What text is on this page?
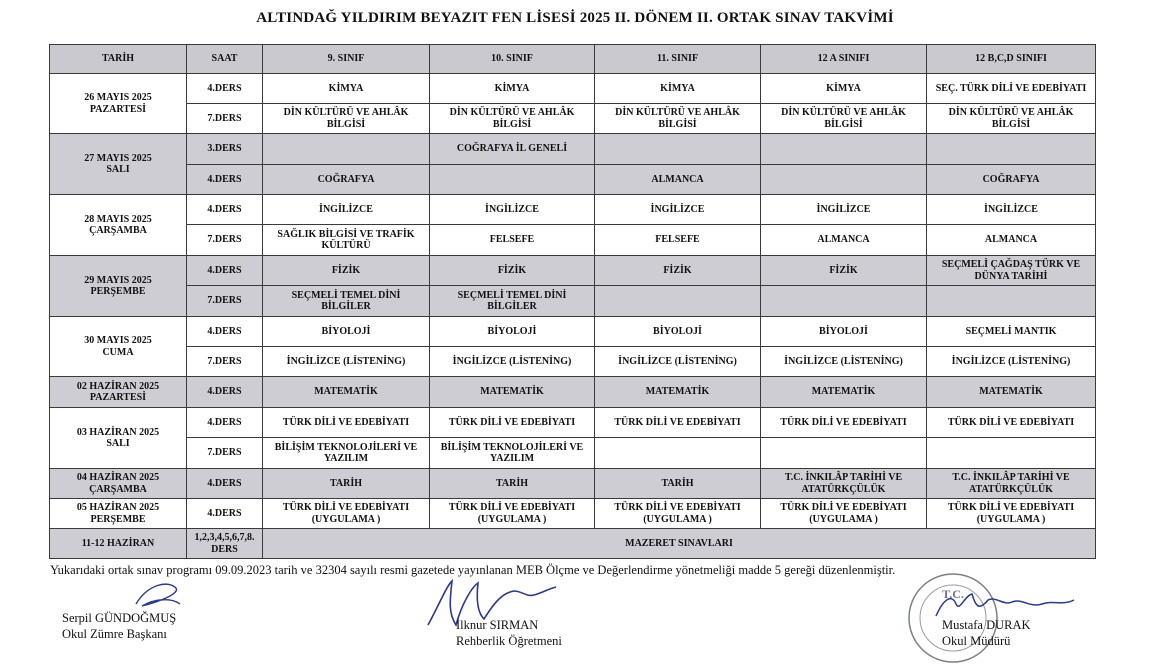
ALTINDAĞ YILDIRIM BEYAZIT FEN LİSESİ 2025 II. DÖNEM II. ORTAK SINAV TAKVİMİ
TARİH	SAAT	9. SINIF	10. SINIF	11. SINIF	12 A SINIFI	12 B,C,D SINIFI

26 MAYIS 2025
PAZARTESİ	4.DERS	KİMYA	KİMYA	KİMYA	KİMYA	SEÇ. TÜRK DİLİ VE EDEBİYATI
	7.DERS	DİN KÜLTÜRÜ VE AHLÂK BİLGİSİ	DİN KÜLTÜRÜ VE AHLÂK BİLGİSİ	DİN KÜLTÜRÜ VE AHLÂK BİLGİSİ	DİN KÜLTÜRÜ VE AHLÂK BİLGİSİ	DİN KÜLTÜRÜ VE AHLÂK BİLGİSİ

27 MAYIS 2025
SALI	3.DERS		COĞRAFYA İL GENELİ			
	4.DERS	COĞRAFYA		ALMANCA		COĞRAFYA

28 MAYIS 2025
ÇARŞAMBA	4.DERS	İNGİLİZCE	İNGİLİZCE	İNGİLİZCE	İNGİLİZCE	İNGİLİZCE
	7.DERS	SAĞLIK BİLGİSİ VE TRAFİK KÜLTÜRÜ	FELSEFE	FELSEFE	ALMANCA	ALMANCA

29 MAYIS 2025
PERŞEMBE	4.DERS	FİZİK	FİZİK	FİZİK	FİZİK	SEÇMELİ ÇAĞDAŞ TÜRK VE DÜNYA TARİHİ
	7.DERS	SEÇMELİ TEMEL DİNİ BİLGİLER	SEÇMELİ TEMEL DİNİ BİLGİLER			

30 MAYIS 2025
CUMA	4.DERS	BİYOLOJİ	BİYOLOJİ	BİYOLOJİ	BİYOLOJİ	SEÇMELİ MANTIK
	7.DERS	İNGİLİZCE (LİSTENİNG)	İNGİLİZCE (LİSTENİNG)	İNGİLİZCE (LİSTENİNG)	İNGİLİZCE (LİSTENİNG)	İNGİLİZCE (LİSTENİNG)

02 HAZİRAN 2025
PAZARTESİ	4.DERS	MATEMATİK	MATEMATİK	MATEMATİK	MATEMATİK	MATEMATİK

03 HAZİRAN 2025
SALI	4.DERS	TÜRK DİLİ VE EDEBİYATI	TÜRK DİLİ VE EDEBİYATI	TÜRK DİLİ VE EDEBİYATI	TÜRK DİLİ VE EDEBİYATI	TÜRK DİLİ VE EDEBİYATI
	7.DERS	BİLİŞİM TEKNOLOJİLERİ VE YAZILIM	BİLİŞİM TEKNOLOJİLERİ VE YAZILIM			

04 HAZİRAN 2025
ÇARŞAMBA	4.DERS	TARİH	TARİH	TARİH	T.C. İNKILÂP TARİHİ VE ATATÜRKÇÜLÜK	T.C. İNKILÂP TARİHİ VE ATATÜRKÇÜLÜK

05 HAZİRAN 2025
PERŞEMBE	4.DERS	TÜRK DİLİ VE EDEBİYATI (UYGULAMA )	TÜRK DİLİ VE EDEBİYATI (UYGULAMA )	TÜRK DİLİ VE EDEBİYATI (UYGULAMA )	TÜRK DİLİ VE EDEBİYATI (UYGULAMA )	TÜRK DİLİ VE EDEBİYATI (UYGULAMA )
11-12 HAZİRAN	1,2,3,4,5,6,7,8. DERS	MAZERET SINAVLARI				
Yukarıdaki ortak sınav programı 09.09.2023 tarih ve 32304 sayılı resmi gazetede yayınlanan MEB Ölçme ve Değerlendirme yönetmeliği madde 5 gereği düzenlenmiştir.
Serpil GÜNDOĞMUŞ
Okul Zümre Başkanı
İlknur SIRMAN
Rehberlik Öğretmeni
T.C.
Mustafa DURAK
Okul Müdürü
